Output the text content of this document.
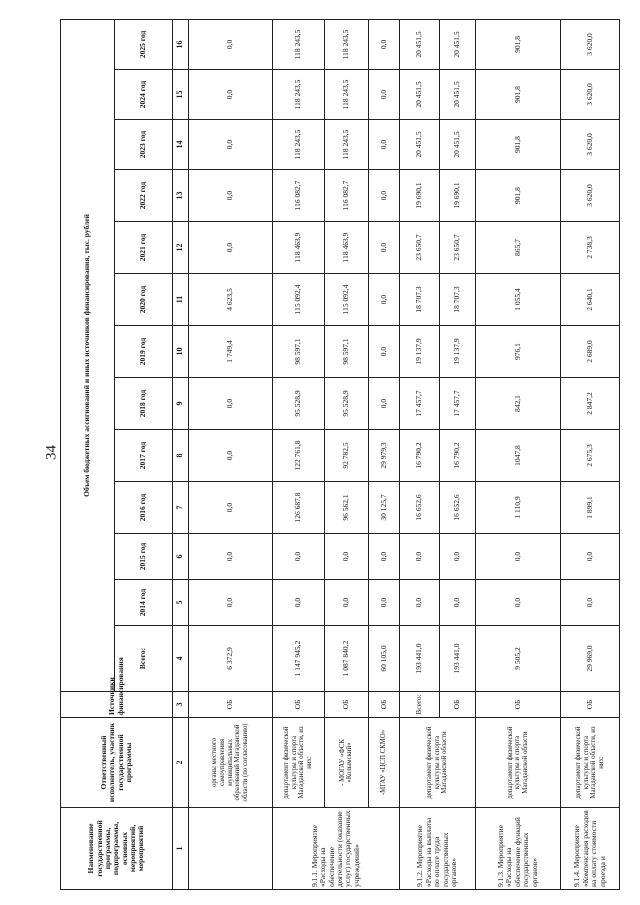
34
Наименование государственной программы, подпрограммы, основных мероприятий, мероприятий	Ответственный исполнитель, участник государственной программы	Источники финансирования	Объем бюджетных ассигнований и иных источников финансирования, тыс. рублей												
			Всего:	2014 год	2015 год	2016 год	2017 год	2018 год	2019 год	2020 год	2021 год	2022 год	2023 год	2024 год	2025 год
1	2	3	4	5	6	7	8	9	10	11	12	13	14	15	16
	органы местного самоуправления муниципальных образований Магаданской области (по согласованию)	ОБ	6 372,9	0,0	0,0	0,0	0,0	0,0	1 749,4	4 623,5	0,0	0,0	0,0	0,0	0,0
9.1.1. Мероприятие «Расходы на обеспечение деятельности (оказание услуг) государственных учреждений»	департамент физической культуры и спорта Магаданской области, из них:	ОБ	1 147 945,2	0,0	0,0	126 687,8	122 761,8	95 528,9	98 597,1	115 092,4	118 463,9	116 082,7	118 243,5	118 243,5	118 243,5
	- МОГАУ «ФСК «Колымский»	ОБ	1 087 840,2	0,0	0,0	96 562,1	92 782,5	95 528,9	98 597,1	115 092,4	118 463,9	116 082,7	118 243,5	118 243,5	118 243,5
	-МГАУ «ЦСП СКМО»	ОБ	60 105,0	0,0	0,0	30 125,7	29 979,3	0,0	0,0	0,0	0,0	0,0	0,0	0,0	0,0
9.1.2. Мероприятие «Расходы на выплаты по оплате труда государственных органов»	департамент физической культуры и спорта Магаданской области	Всего:	193 441,0	0,0	0,0	16 652,6	16 790,2	17 457,7	19 137,9	18 707,3	23 650,7	19 690,1	20 451,5	20 451,5	20 451,5
		ОБ	193 441,0	0,0	0,0	16 652,6	16 790,2	17 457,7	19 137,9	18 707,3	23 650,7	19 690,1	20 451,5	20 451,5	20 451,5
9.1.3. Мероприятие «Расходы на обеспечение функций государственных органов»	департамент физической культуры и спорта Магаданской области	ОБ	9 505,2	0,0	0,0	1 110,9	1047,8	842,1	976,1	1 055,4	865,7	901,8	901,8	901,8	901,8
9.1.4. Мероприятие «Компенсация расходов на оплату стоимости проезда и	департамент физической культуры и спорта Магаданской области, из них:	ОБ	29 969,0	0,0	0,0	1 899,1	2 675,3	2 847,2	2 689,0	2 640,1	2 738,3	3 620,0	3 620,0	3 620,0	3 620,0
